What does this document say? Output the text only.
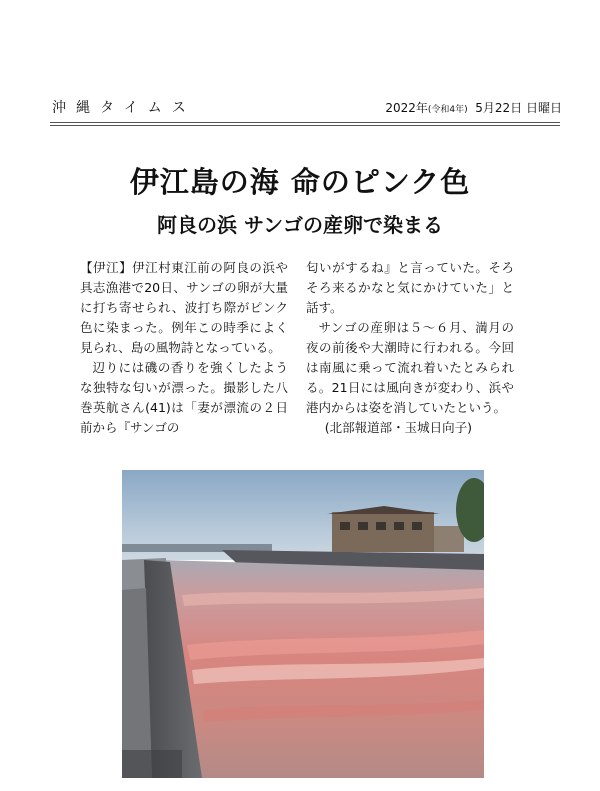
沖縄タイムス	2022年(令和4年) 5月22日 日曜日
伊江島の海 命のピンク色
阿良の浜 サンゴの産卵で染まる

【伊江】伊江村東江前の阿良の浜や具志漁港で20日、サンゴの卵が大量に打ち寄せられ、波打ち際がピンク色に染まった。例年この時季によく見られ、島の風物詩となっている。

辺りには磯の香りを強くしたような独特な匂いが漂った。撮影した八巻英航さん(41)は「妻が漂流の２日前から『サンゴの

匂いがするね』と言っていた。そろそろ来るかなと気にかけていた」と話す。

サンゴの産卵は５～６月、満月の夜の前後や大潮時に行われる。今回は南風に乗って流れ着いたとみられる。21日には風向きが変わり、浜や港内からは姿を消していたという。

(北部報道部・玉城日向子)
